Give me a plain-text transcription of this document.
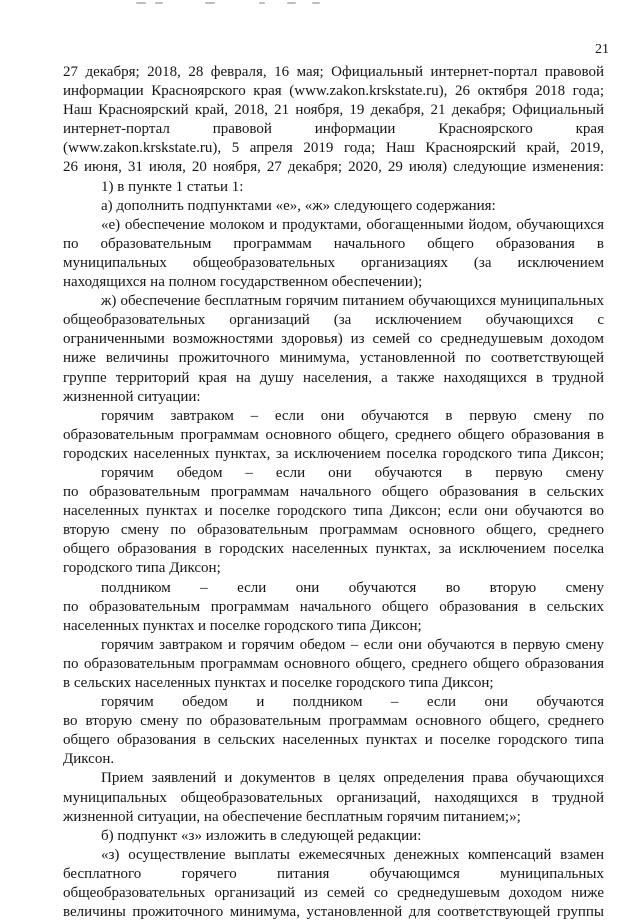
21
27 декабря; 2018, 28 февраля, 16 мая; Официальный интернет-портал правовой
информации Красноярского края (www.zakon.krskstate.ru), 26 октября 2018 года;
Наш Красноярский край, 2018, 21 ноября, 19 декабря, 21 декабря; Официальный
интернет-портал правовой информации Красноярского края
(www.zakon.krskstate.ru), 5 апреля 2019 года; Наш Красноярский край, 2019,
26 июня, 31 июля, 20 ноября, 27 декабря; 2020, 29 июля) следующие изменения:
1) в пункте 1 статьи 1:
а) дополнить подпунктами «е», «ж» следующего содержания:
«е) обеспечение молоком и продуктами, обогащенными йодом, обучающихся
по образовательным программам начального общего образования в
муниципальных общеобразовательных организациях (за исключением
находящихся на полном государственном обеспечении);
ж) обеспечение бесплатным горячим питанием обучающихся муниципальных
общеобразовательных организаций (за исключением обучающихся с
ограниченными возможностями здоровья) из семей со среднедушевым доходом
ниже величины прожиточного минимума, установленной по соответствующей
группе территорий края на душу населения, а также находящихся в трудной
жизненной ситуации:
горячим завтраком – если они обучаются в первую смену по
образовательным программам основного общего, среднего общего образования в
городских населенных пунктах, за исключением поселка городского типа Диксон;
горячим обедом – если они обучаются в первую смену
по образовательным программам начального общего образования в сельских
населенных пунктах и поселке городского типа Диксон; если они обучаются во
вторую смену по образовательным программам основного общего, среднего
общего образования в городских населенных пунктах, за исключением поселка
городского типа Диксон;
полдником – если они обучаются во вторую смену
по образовательным программам начального общего образования в сельских
населенных пунктах и поселке городского типа Диксон;
горячим завтраком и горячим обедом – если они обучаются в первую смену
по образовательным программам основного общего, среднего общего образования
в сельских населенных пунктах и поселке городского типа Диксон;
горячим обедом и полдником – если они обучаются
во вторую смену по образовательным программам основного общего, среднего
общего образования в сельских населенных пунктах и поселке городского типа
Диксон.
Прием заявлений и документов в целях определения права обучающихся
муниципальных общеобразовательных организаций, находящихся в трудной
жизненной ситуации, на обеспечение бесплатным горячим питанием;»;
б) подпункт «з» изложить в следующей редакции:
«з) осуществление выплаты ежемесячных денежных компенсаций взамен
бесплатного горячего питания обучающимся муниципальных
общеобразовательных организаций из семей со среднедушевым доходом ниже
величины прожиточного минимума, установленной для соответствующей группы
